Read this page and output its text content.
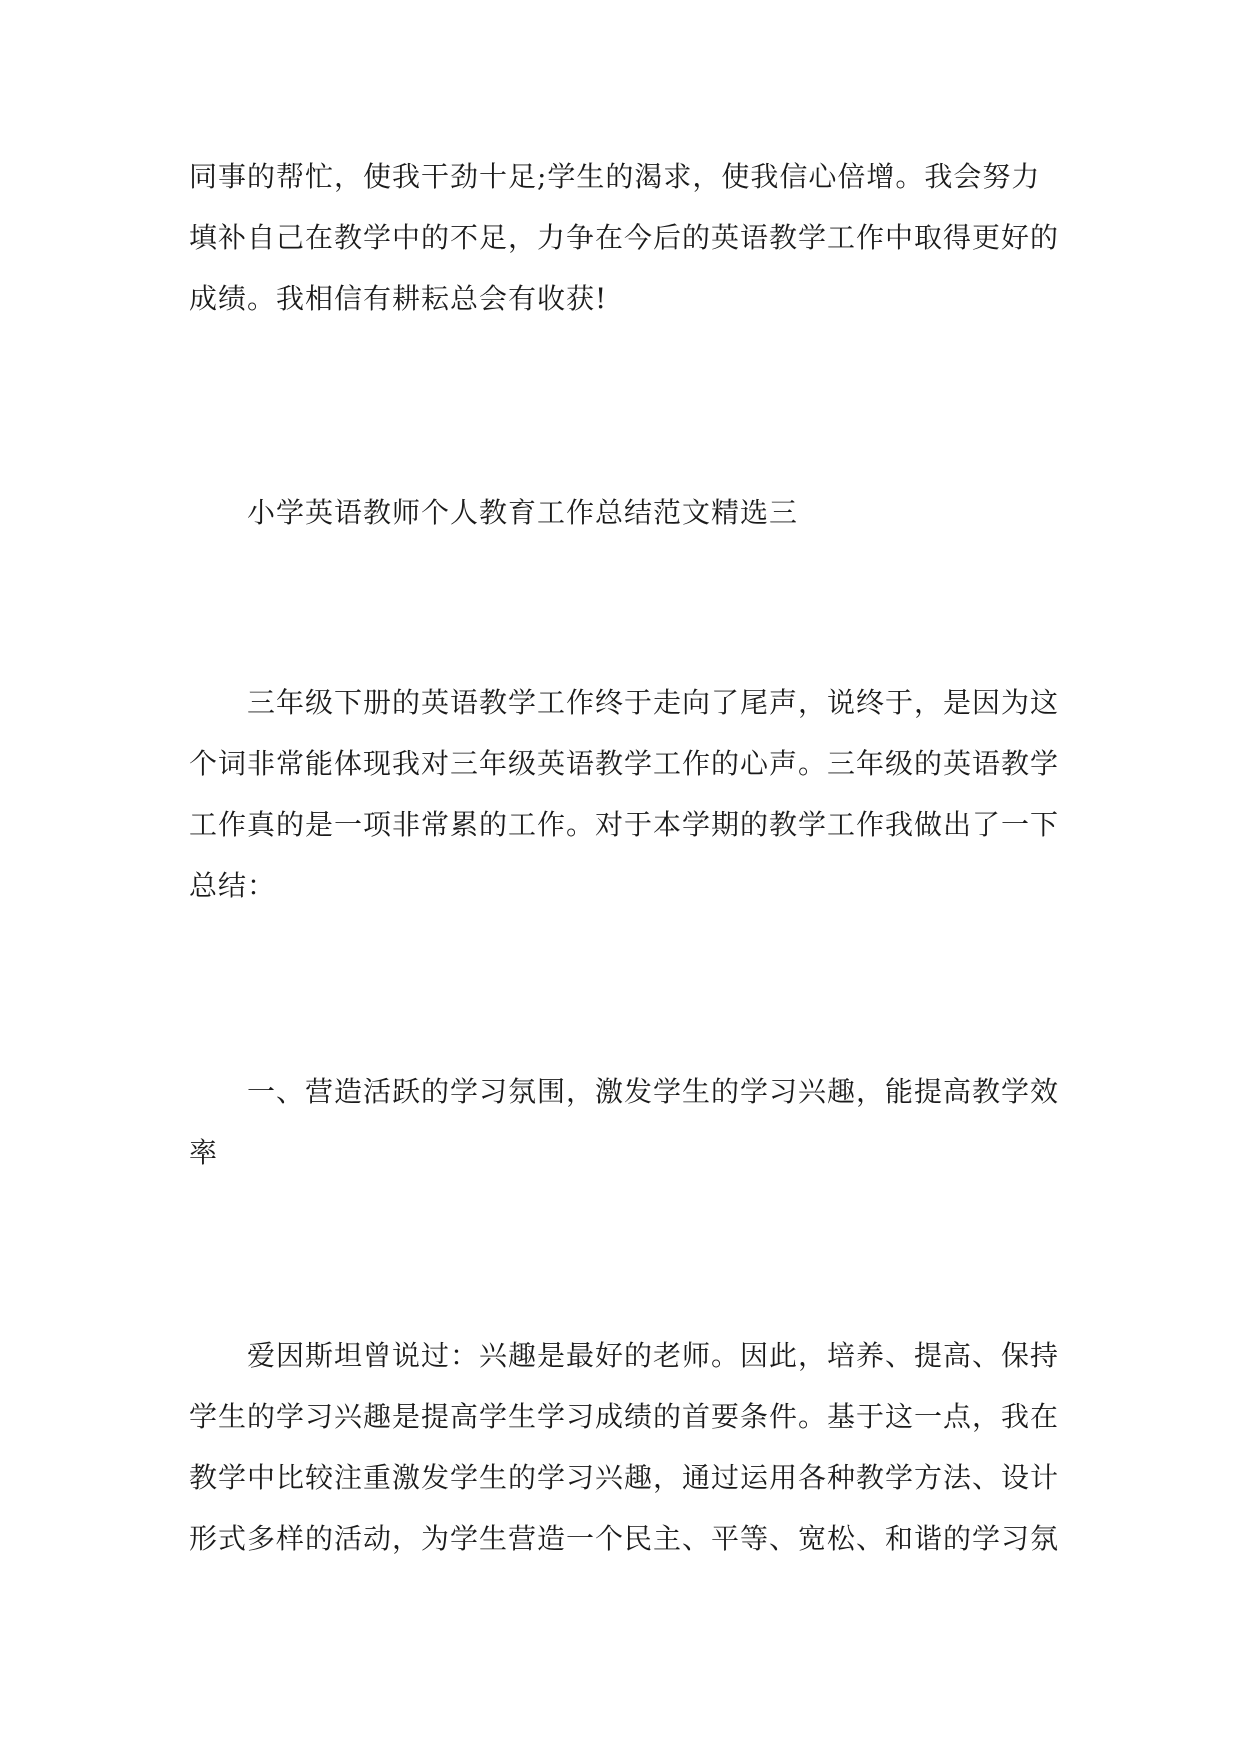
同事的帮忙，使我干劲十足;学生的渴求，使我信心倍增。我会努力填补自己在教学中的不足，力争在今后的英语教学工作中取得更好的成绩。我相信有耕耘总会有收获!

小学英语教师个人教育工作总结范文精选三

三年级下册的英语教学工作终于走向了尾声，说终于，是因为这个词非常能体现我对三年级英语教学工作的心声。三年级的英语教学工作真的是一项非常累的工作。对于本学期的教学工作我做出了一下总结：

一、营造活跃的学习氛围，激发学生的学习兴趣，能提高教学效率

爱因斯坦曾说过：兴趣是最好的老师。因此，培养、提高、保持学生的学习兴趣是提高学生学习成绩的首要条件。基于这一点，我在教学中比较注重激发学生的学习兴趣，通过运用各种教学方法、设计形式多样的活动，为学生营造一个民主、平等、宽松、和谐的学习氛
